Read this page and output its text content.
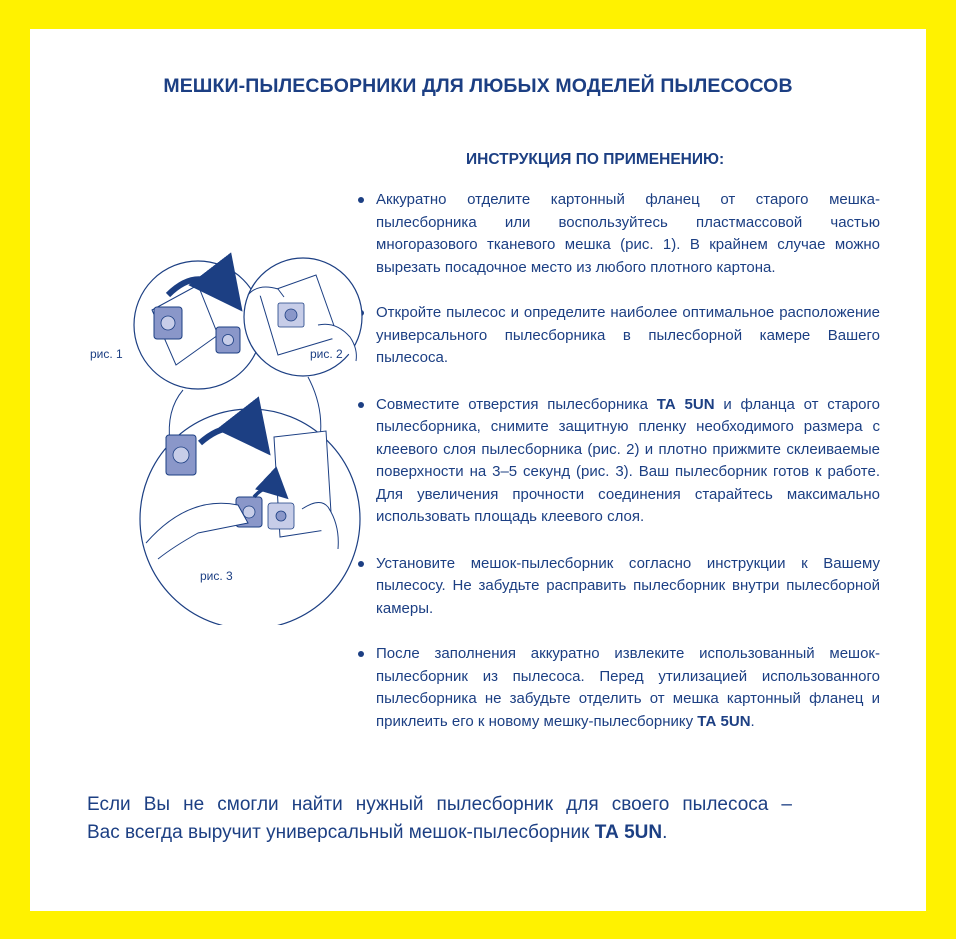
МЕШКИ-ПЫЛЕСБОРНИКИ ДЛЯ ЛЮБЫХ МОДЕЛЕЙ ПЫЛЕСОСОВ
ИНСТРУКЦИЯ ПО ПРИМЕНЕНИЮ:
Аккуратно отделите картонный фланец от старого мешка-пылесборника или воспользуйтесь пластмассовой частью многоразового тканевого мешка (рис. 1). В крайнем случае можно вырезать посадочное место из любого плотного картона.
Откройте пылесос и определите наиболее оптимальное расположение универсального пылесборника в пылесборной камере Вашего пылесоса.
Совместите отверстия пылесборника ТА 5UN и фланца от старого пылесборника, снимите защитную пленку необходимого размера с клеевого слоя пылесборника (рис. 2) и плотно прижмите склеиваемые поверхности на 3–5 секунд (рис. 3). Ваш пылесборник готов к работе. Для увеличения прочности соединения старайтесь максимально использовать площадь клеевого слоя.
Установите мешок-пылесборник согласно инструкции к Вашему пылесосу. Не забудьте расправить пылесборник внутри пылесборной камеры.
После заполнения аккуратно извлеките использованный мешок-пылесборник из пылесоса. Перед утилизацией использованного пылесборника не забудьте отделить от мешка картонный фланец и приклеить его к новому мешку-пылесборнику ТА 5UN.
рис. 1	рис. 2
рис. 3
Если Вы не смогли найти нужный пылесборник для своего пылесоса –
Вас всегда выручит универсальный мешок-пылесборник ТА 5UN.
